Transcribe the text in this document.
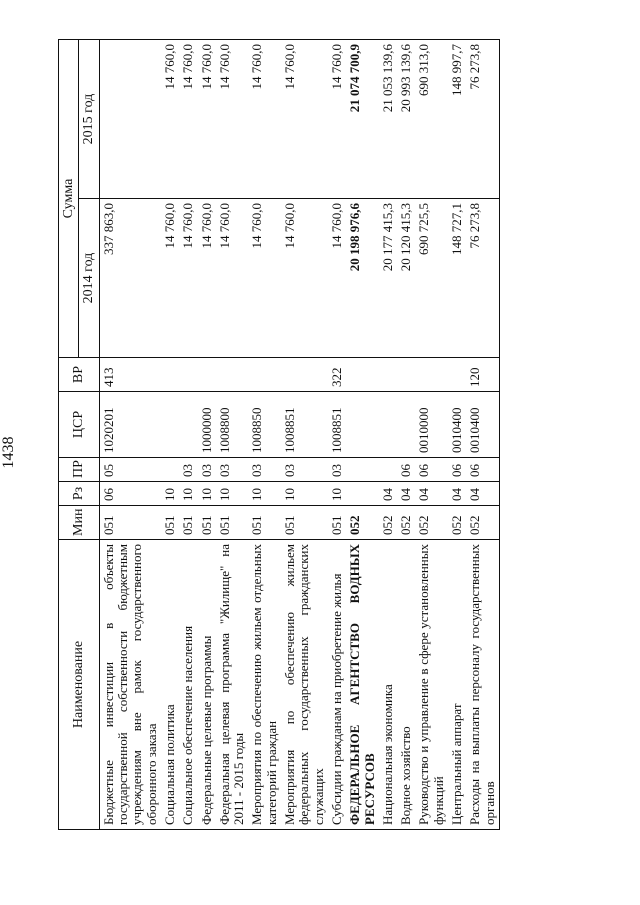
1438
Наименование	Мин	Рз	ПР	ЦСР	ВР	Сумма	
						2014 год	2015 год
Бюджетные инвестиции в объекты государственной собственности бюджетным учреждениям вне рамок государственного оборонного заказа	051	06	05	1020201	413	337 863,0	
Социальная политика	051	10				14 760,0	14 760,0
Социальное обеспечение населения	051	10	03			14 760,0	14 760,0
Федеральные целевые программы	051	10	03	1000000		14 760,0	14 760,0
Федеральная целевая программа "Жилище" на 2011 - 2015 годы	051	10	03	1008800		14 760,0	14 760,0
Мероприятия по обеспечению жильем отдельных категорий граждан	051	10	03	1008850		14 760,0	14 760,0
Мероприятия по обеспечению жильем федеральных государственных гражданских служащих	051	10	03	1008851		14 760,0	14 760,0
Субсидии гражданам на приобретение жилья	051	10	03	1008851	322	14 760,0	14 760,0
ФЕДЕРАЛЬНОЕ АГЕНТСТВО ВОДНЫХ РЕСУРСОВ	052					20 198 976,6	21 074 700,9
Национальная экономика	052	04				20 177 415,3	21 053 139,6
Водное хозяйство	052	04	06			20 120 415,3	20 993 139,6
Руководство и управление в сфере установленных функций	052	04	06	0010000		690 725,5	690 313,0
Центральный аппарат	052	04	06	0010400		148 727,1	148 997,7
Расходы на выплаты персоналу государственных органов	052	04	06	0010400	120	76 273,8	76 273,8
